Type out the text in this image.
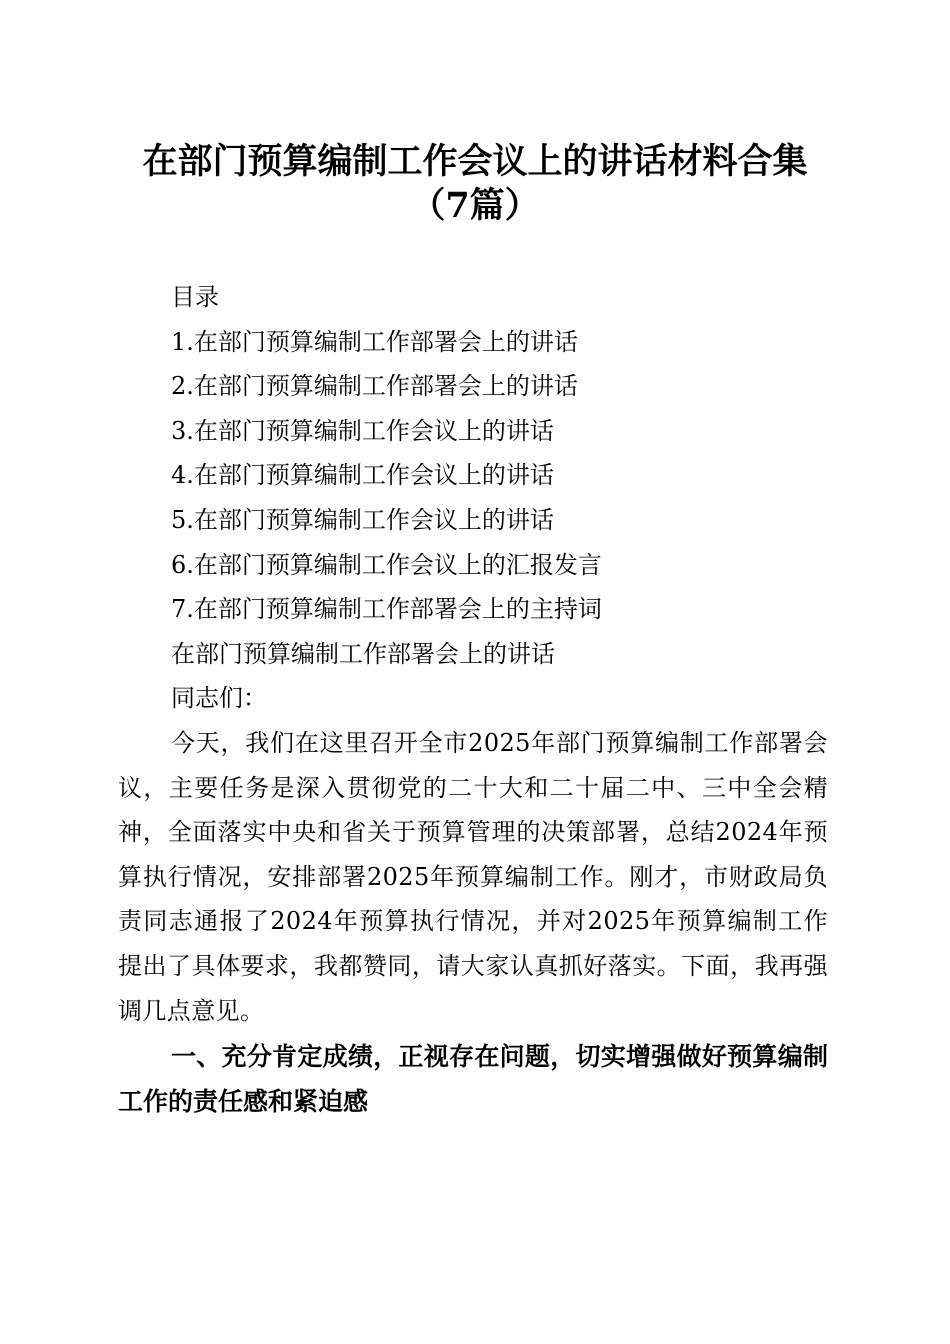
在部门预算编制工作会议上的讲话材料合集
（7篇）
目录
1.在部门预算编制工作部署会上的讲话
2.在部门预算编制工作部署会上的讲话
3.在部门预算编制工作会议上的讲话
4.在部门预算编制工作会议上的讲话
5.在部门预算编制工作会议上的讲话
6.在部门预算编制工作会议上的汇报发言
7.在部门预算编制工作部署会上的主持词
在部门预算编制工作部署会上的讲话
同志们：
今天，我们在这里召开全市2025年部门预算编制工作部署会议，主要任务是深入贯彻党的二十大和二十届二中、三中全会精神，全面落实中央和省关于预算管理的决策部署，总结2024年预算执行情况，安排部署2025年预算编制工作。刚才，市财政局负责同志通报了2024年预算执行情况，并对2025年预算编制工作提出了具体要求，我都赞同，请大家认真抓好落实。下面，我再强调几点意见。
一、充分肯定成绩，正视存在问题，切实增强做好预算编制工作的责任感和紧迫感
